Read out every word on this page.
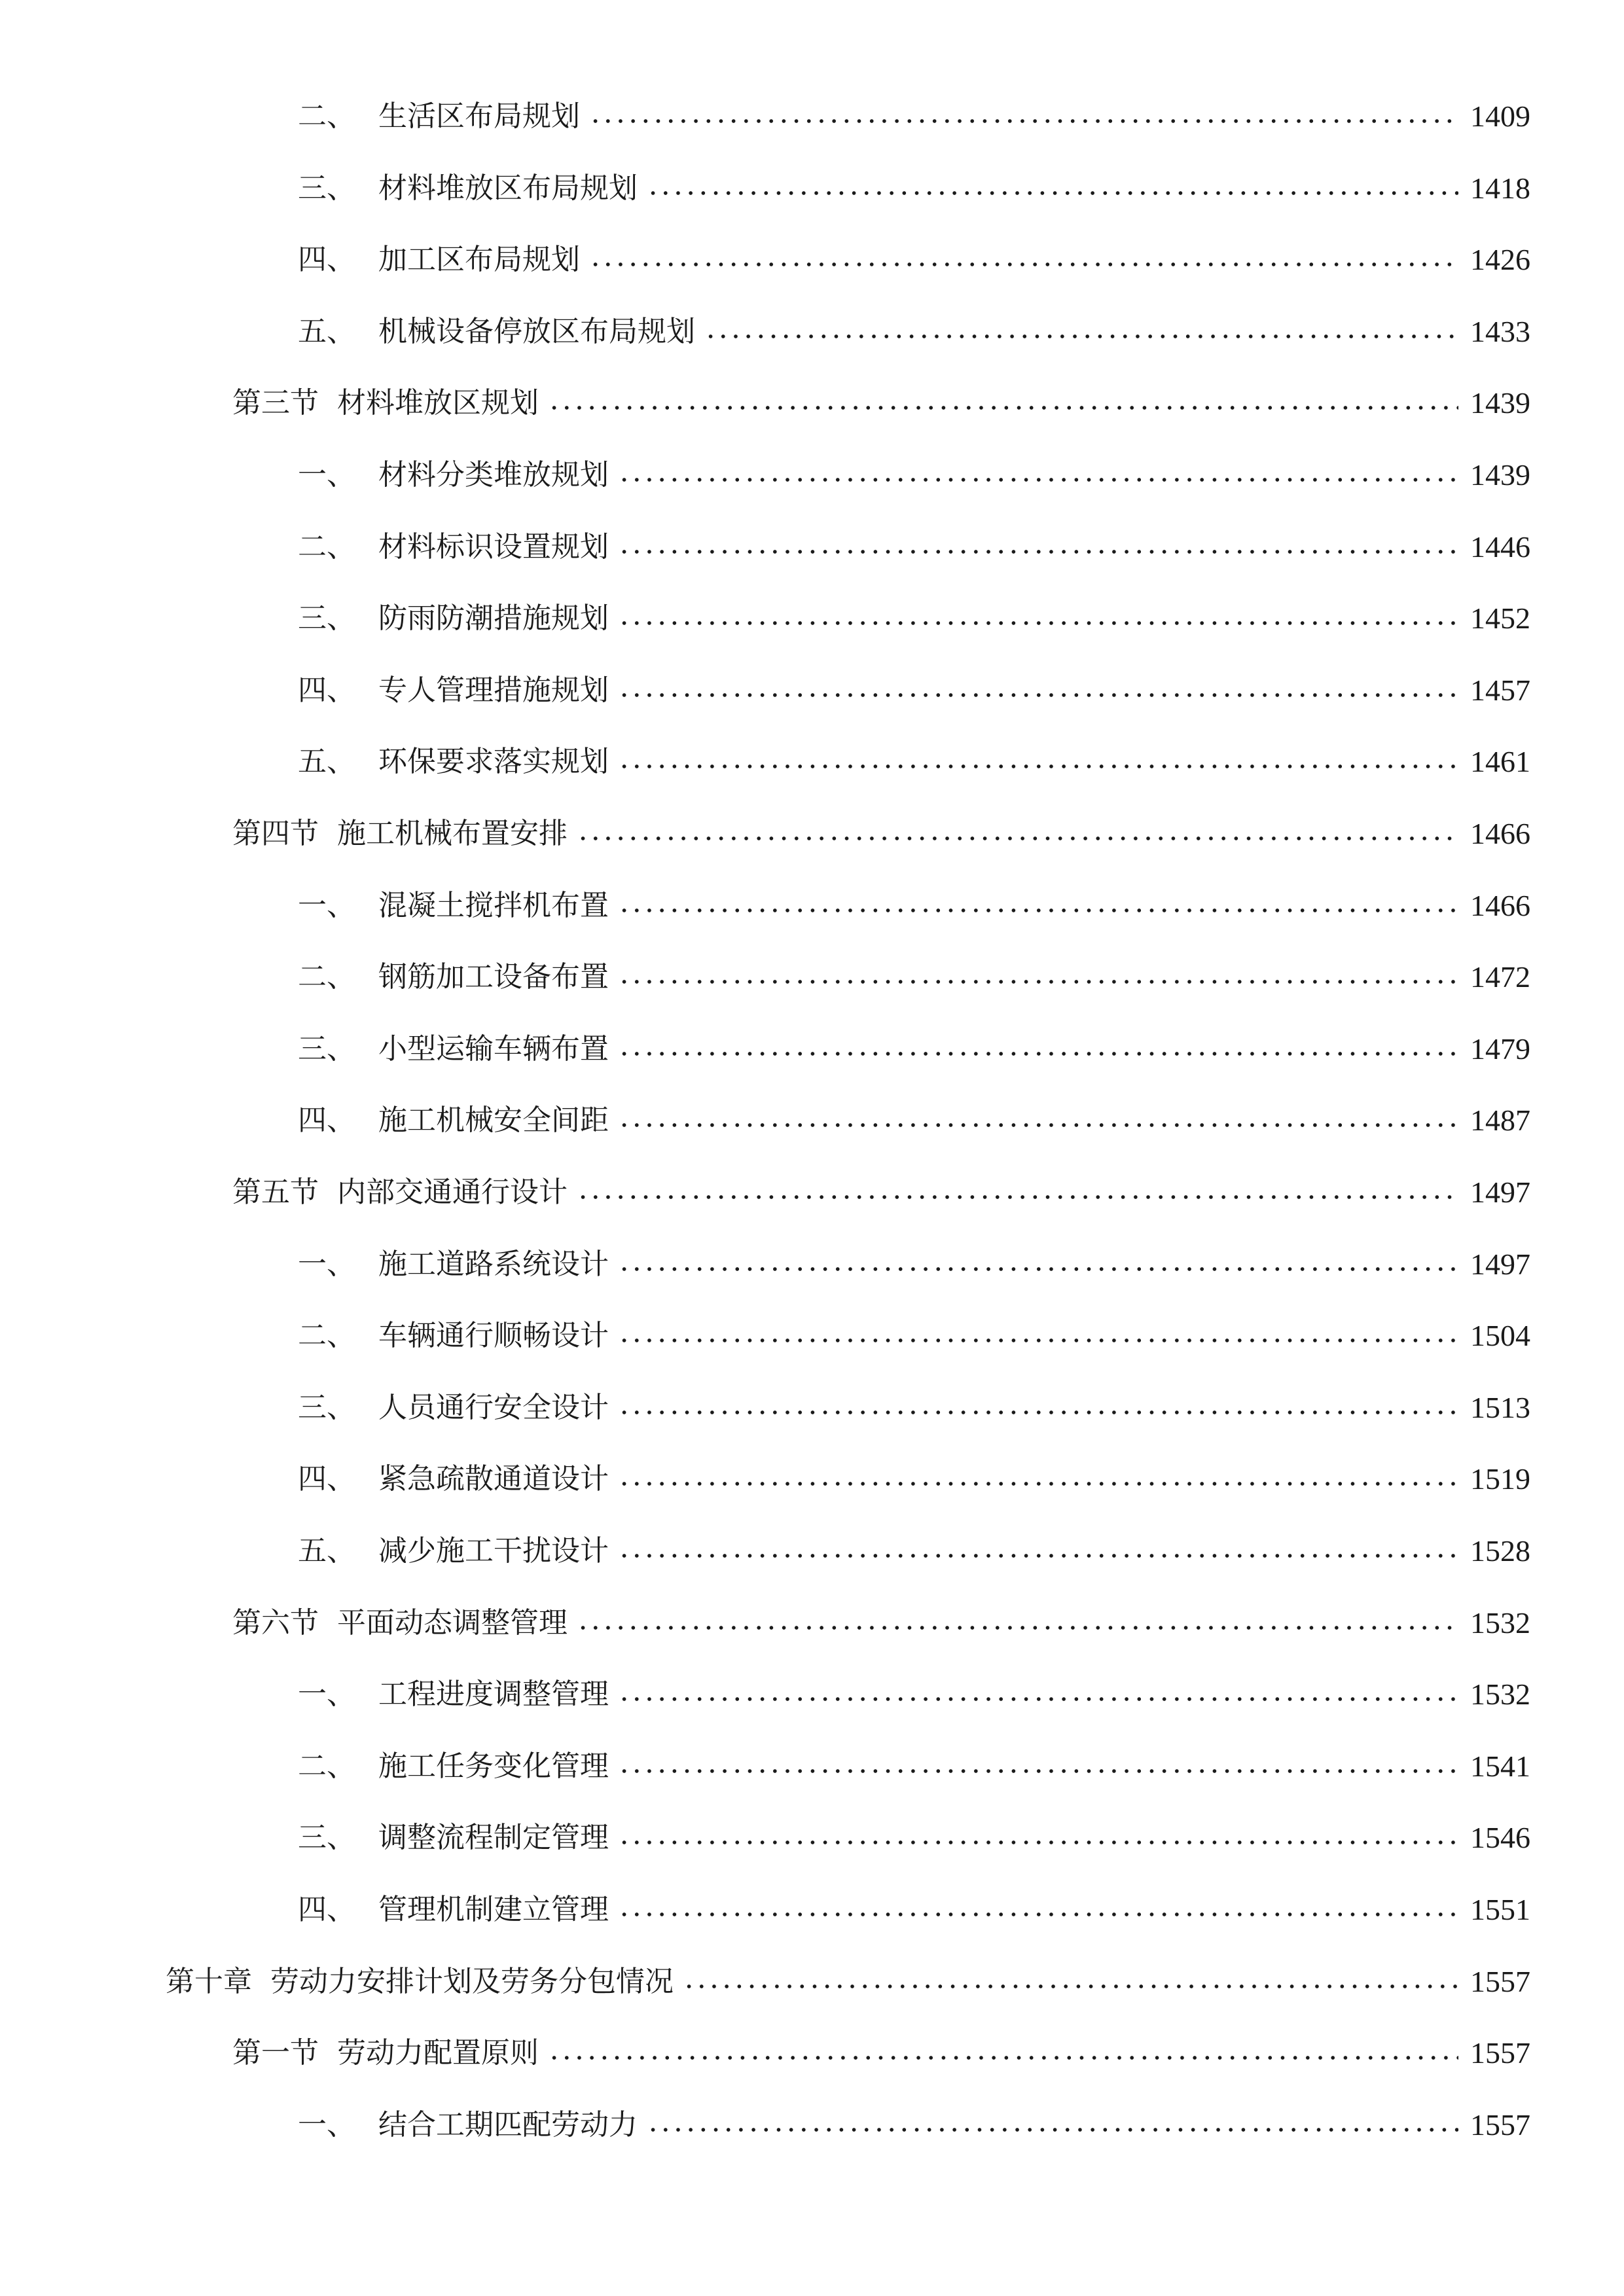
二、 生活区布局规划	1409
三、 材料堆放区布局规划	1418
四、 加工区布局规划	1426
五、 机械设备停放区布局规划	1433
第三节 材料堆放区规划	1439
一、 材料分类堆放规划	1439
二、 材料标识设置规划	1446
三、 防雨防潮措施规划	1452
四、 专人管理措施规划	1457
五、 环保要求落实规划	1461
第四节 施工机械布置安排	1466
一、 混凝土搅拌机布置	1466
二、 钢筋加工设备布置	1472
三、 小型运输车辆布置	1479
四、 施工机械安全间距	1487
第五节 内部交通通行设计	1497
一、 施工道路系统设计	1497
二、 车辆通行顺畅设计	1504
三、 人员通行安全设计	1513
四、 紧急疏散通道设计	1519
五、 减少施工干扰设计	1528
第六节 平面动态调整管理	1532
一、 工程进度调整管理	1532
二、 施工任务变化管理	1541
三、 调整流程制定管理	1546
四、 管理机制建立管理	1551
第十章 劳动力安排计划及劳务分包情况	1557
第一节 劳动力配置原则	1557
一、 结合工期匹配劳动力	1557
